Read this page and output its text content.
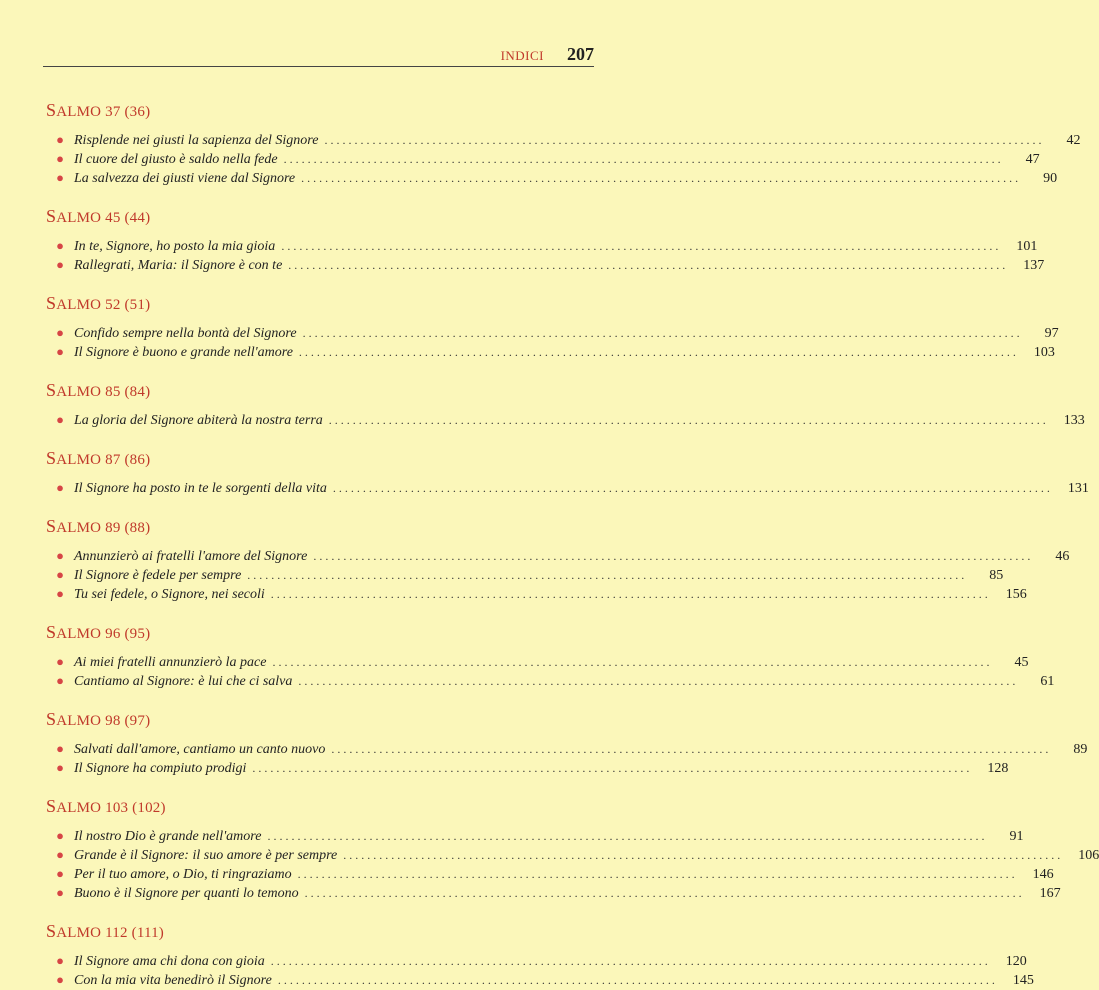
INDICI 207
SALMO 37 (36)
● Risplende nei giusti la sapienza del Signore ........................................................................................................................	42
● Il cuore del giusto è saldo nella fede ........................................................................................................................	47
● La salvezza dei giusti viene dal Signore ........................................................................................................................	90
SALMO 45 (44)
● In te, Signore, ho posto la mia gioia ........................................................................................................................	101
● Rallegrati, Maria: il Signore è con te ........................................................................................................................	137
SALMO 52 (51)
● Confido sempre nella bontà del Signore ........................................................................................................................	97
● Il Signore è buono e grande nell'amore ........................................................................................................................	103
SALMO 85 (84)
● La gloria del Signore abiterà la nostra terra ........................................................................................................................	133
SALMO 87 (86)
● Il Signore ha posto in te le sorgenti della vita ........................................................................................................................	131
SALMO 89 (88)
● Annunzierò ai fratelli l'amore del Signore ........................................................................................................................	46
● Il Signore è fedele per sempre ........................................................................................................................	85
● Tu sei fedele, o Signore, nei secoli ........................................................................................................................	156
SALMO 96 (95)
● Ai miei fratelli annunzierò la pace ........................................................................................................................	45
● Cantiamo al Signore: è lui che ci salva ........................................................................................................................	61
SALMO 98 (97)
● Salvati dall'amore, cantiamo un canto nuovo ........................................................................................................................	89
● Il Signore ha compiuto prodigi ........................................................................................................................	128
SALMO 103 (102)
● Il nostro Dio è grande nell'amore ........................................................................................................................	91
● Grande è il Signore: il suo amore è per sempre ........................................................................................................................	106
● Per il tuo amore, o Dio, ti ringraziamo ........................................................................................................................	146
● Buono è il Signore per quanti lo temono ........................................................................................................................	167
SALMO 112 (111)
● Il Signore ama chi dona con gioia ........................................................................................................................	120
● Con la mia vita benedirò il Signore ........................................................................................................................	145
